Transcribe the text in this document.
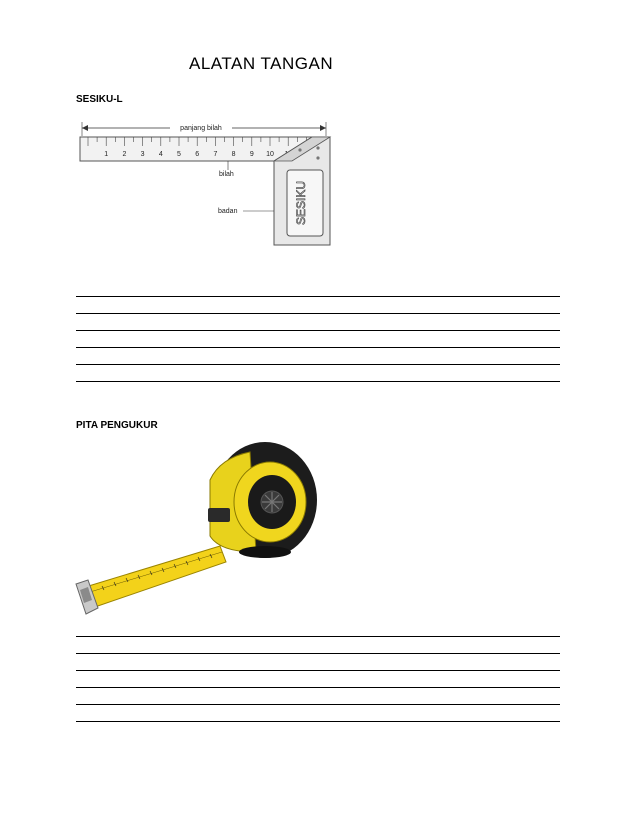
ALATAN TANGAN
SESIKU-L
panjang bilah
1 2 3 4 5 6 7 8 9 10
SESIKU
bilah
badan
PITA PENGUKUR
